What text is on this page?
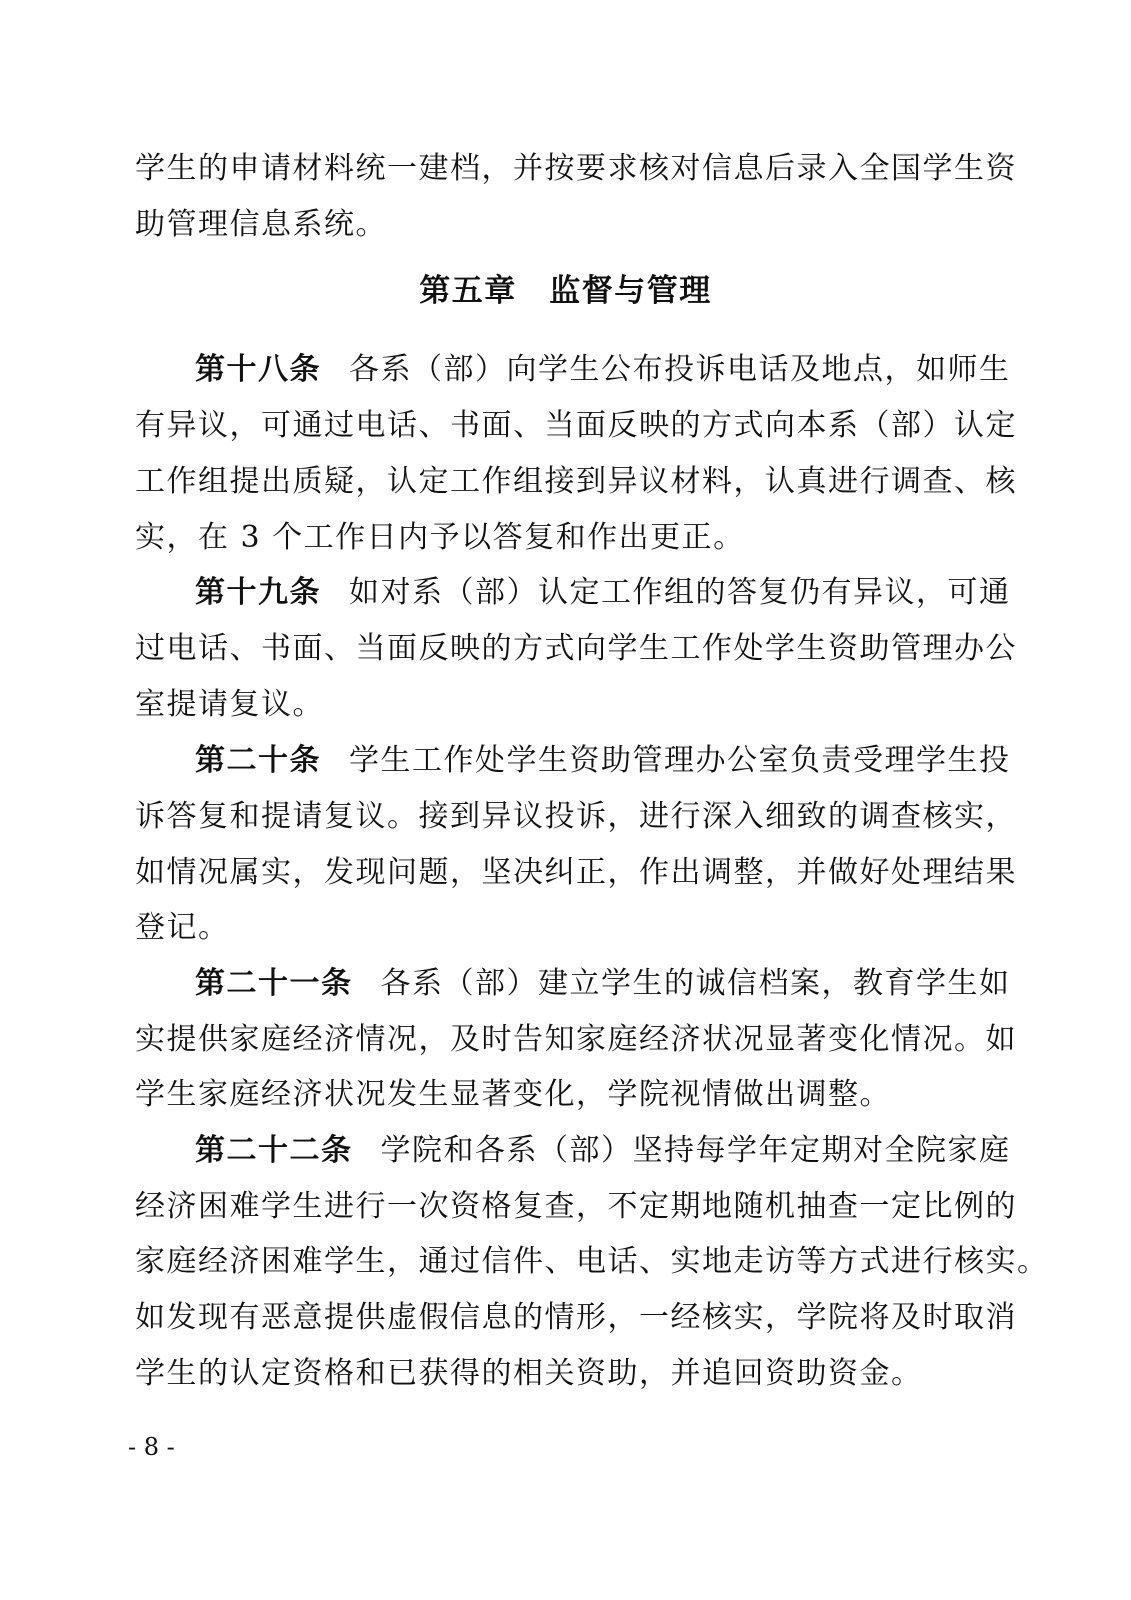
学生的申请材料统一建档，并按要求核对信息后录入全国学生资
助管理信息系统。
第五章　监督与管理
第十八条 各系（部）向学生公布投诉电话及地点，如师生
有异议，可通过电话、书面、当面反映的方式向本系（部）认定
工作组提出质疑，认定工作组接到异议材料，认真进行调查、核
实，在 3 个工作日内予以答复和作出更正。
第十九条 如对系（部）认定工作组的答复仍有异议，可通
过电话、书面、当面反映的方式向学生工作处学生资助管理办公
室提请复议。
第二十条 学生工作处学生资助管理办公室负责受理学生投
诉答复和提请复议。接到异议投诉，进行深入细致的调查核实，
如情况属实，发现问题，坚决纠正，作出调整，并做好处理结果
登记。
第二十一条 各系（部）建立学生的诚信档案，教育学生如
实提供家庭经济情况，及时告知家庭经济状况显著变化情况。如
学生家庭经济状况发生显著变化，学院视情做出调整。
第二十二条 学院和各系（部）坚持每学年定期对全院家庭
经济困难学生进行一次资格复查，不定期地随机抽查一定比例的
家庭经济困难学生，通过信件、电话、实地走访等方式进行核实。
如发现有恶意提供虚假信息的情形，一经核实，学院将及时取消
学生的认定资格和已获得的相关资助，并追回资助资金。
- 8 -
